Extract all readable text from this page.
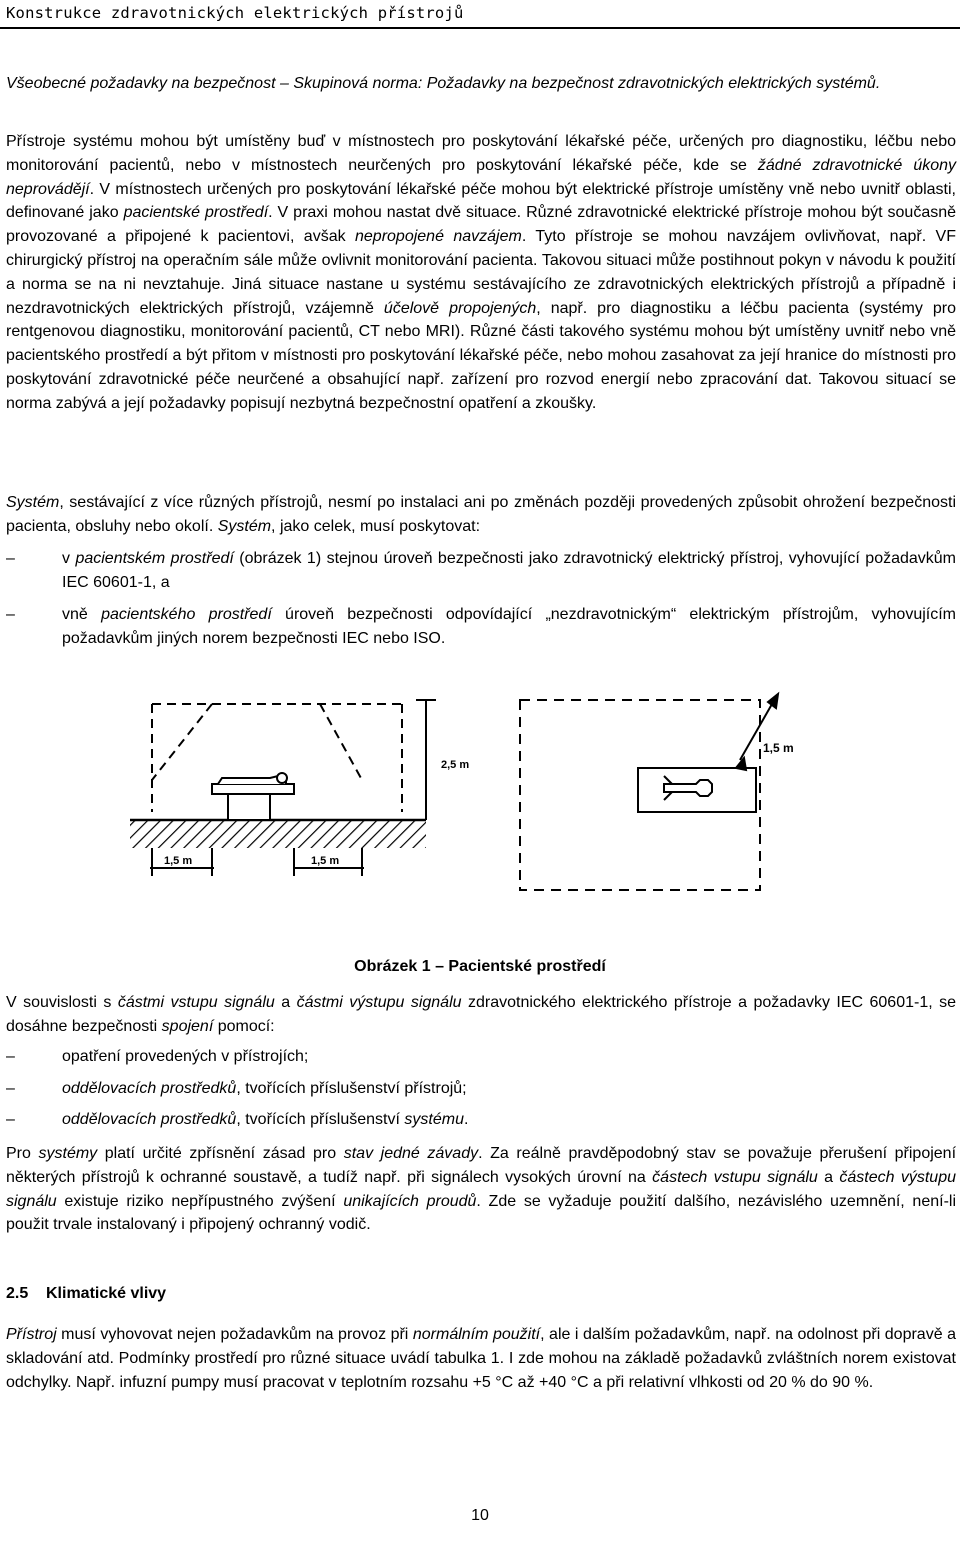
Konstrukce zdravotnických elektrických přístrojů
Všeobecné požadavky na bezpečnost – Skupinová norma: Požadavky na bezpečnost zdravotnických elektrických systémů.
Přístroje systému mohou být umístěny buď v místnostech pro poskytování lékařské péče, určených pro diagnostiku, léčbu nebo monitorování pacientů, nebo v místnostech neurčených pro poskytování lékařské péče, kde se žádné zdravotnické úkony neprovádějí. V místnostech určených pro poskytování lékařské péče mohou být elektrické přístroje umístěny vně nebo uvnitř oblasti, definované jako pacientské prostředí. V praxi mohou nastat dvě situace. Různé zdravotnické elektrické přístroje mohou být současně provozované a připojené k pacientovi, avšak nepropojené navzájem. Tyto přístroje se mohou navzájem ovlivňovat, např. VF chirurgický přístroj na operačním sále může ovlivnit monitorování pacienta. Takovou situaci může postihnout pokyn v návodu k použití a norma se na ni nevztahuje. Jiná situace nastane u systému sestávajícího ze zdravotnických elektrických přístrojů a případně i nezdravotnických elektrických přístrojů, vzájemně účelově propojených, např. pro diagnostiku a léčbu pacienta (systémy pro rentgenovou diagnostiku, monitorování pacientů, CT nebo MRI). Různé části takového systému mohou být umístěny uvnitř nebo vně pacientského prostředí a být přitom v místnosti pro poskytování lékařské péče, nebo mohou zasahovat za její hranice do místnosti pro poskytování zdravotnické péče neurčené a obsahující např. zařízení pro rozvod energií nebo zpracování dat. Takovou situací se norma zabývá a její požadavky popisují nezbytná bezpečnostní opatření a zkoušky.
Systém, sestávající z více různých přístrojů, nesmí po instalaci ani po změnách později provedených způsobit ohrožení bezpečnosti pacienta, obsluhy nebo okolí. Systém, jako celek, musí poskytovat:
–	v pacientském prostředí (obrázek 1) stejnou úroveň bezpečnosti jako zdravotnický elektrický přístroj, vyhovující požadavkům IEC 60601-1, a
–	vně pacientského prostředí úroveň bezpečnosti odpovídající „nezdravotnickým“ elektrickým přístrojům, vyhovujícím požadavkům jiných norem bezpečnosti IEC nebo ISO.
1,5 m	1,5 m
2,5 m
1,5 m
Obrázek 1 – Pacientské prostředí
V souvislosti s částmi vstupu signálu a částmi výstupu signálu zdravotnického elektrického přístroje a požadavky IEC 60601-1, se dosáhne bezpečnosti spojení pomocí:
–	opatření provedených v přístrojích;
–	oddělovacích prostředků, tvořících příslušenství přístrojů;
–	oddělovacích prostředků, tvořících příslušenství systému.
Pro systémy platí určité zpřísnění zásad pro stav jedné závady. Za reálně pravděpodobný stav se považuje přerušení připojení některých přístrojů k ochranné soustavě, a tudíž např. při signálech vysokých úrovní na částech vstupu signálu a částech výstupu signálu existuje riziko nepřípustného zvýšení unikajících proudů. Zde se vyžaduje použití dalšího, nezávislého uzemnění, není-li použit trvale instalovaný i připojený ochranný vodič.
2.5 Klimatické vlivy
Přístroj musí vyhovovat nejen požadavkům na provoz při normálním použití, ale i dalším požadavkům, např. na odolnost při dopravě a skladování atd. Podmínky prostředí pro různé situace uvádí tabulka 1. I zde mohou na základě požadavků zvláštních norem existovat odchylky. Např. infuzní pumpy musí pracovat v teplotním rozsahu +5 °C až +40 °C a při relativní vlhkosti od 20 % do 90 %.
10
